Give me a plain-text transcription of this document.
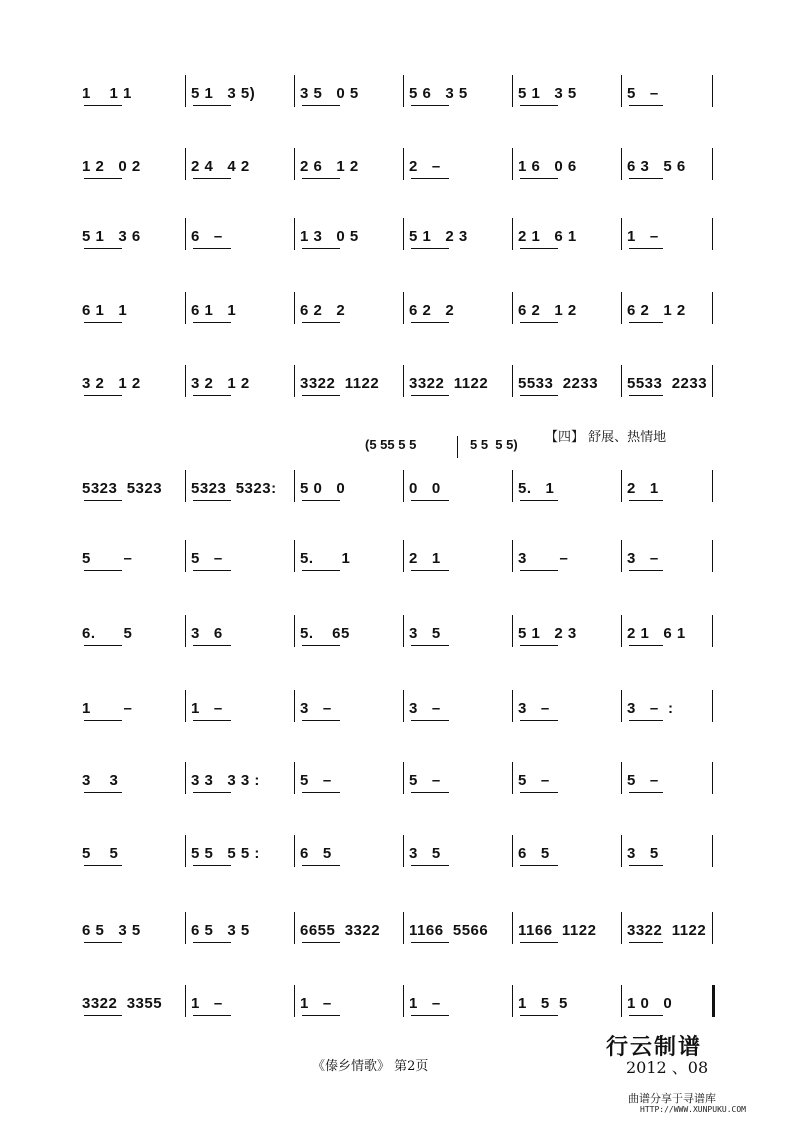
1    1 1	5 1   3 5)	3 5   0 5	5 6   3 5	5 1   3 5	5   –
1 2   0 2	2 4   4 2	2 6   1 2	2   –	1 6   0 6	6 3   5 6
5 1   3 6	6   –	1 3   0 5	5 1   2 3	2 1   6 1	1   –
6 1   1	6 1   1	6 2   2	6 2   2	6 2   1 2	6 2   1 2
3 2   1 2	3 2   1 2	3322  1122	3322  1122	5533  2233	5533  2233
5323  5323	5323  5323:	5 0   0	0   0	5.   1	2   1
5       –	5   –	5.      1	2   1	3       –	3   –
6.      5	3   6	5.    65	3   5	5 1   2 3	2 1   6 1
1       –	1   –	3   –	3   –	3   –	3   –  :
3    3	3 3   3 3 :	5   –	5   –	5   –	5   –
5    5	5 5   5 5 :	6   5	3   5	6   5	3   5
6 5   3 5	6 5   3 5	6655  3322	1166  5566	1166  1122	3322  1122
3322  3355	1   –	1   –	1   –	1   5  5	1 0   0
(5 55 5 5	5 5  5 5) 【四】 舒展、热情地
《傣乡情歌》 第2页
行云制谱
2012 、08
曲谱分享于寻谱库
HTTP://WWW.XUNPUKU.COM
